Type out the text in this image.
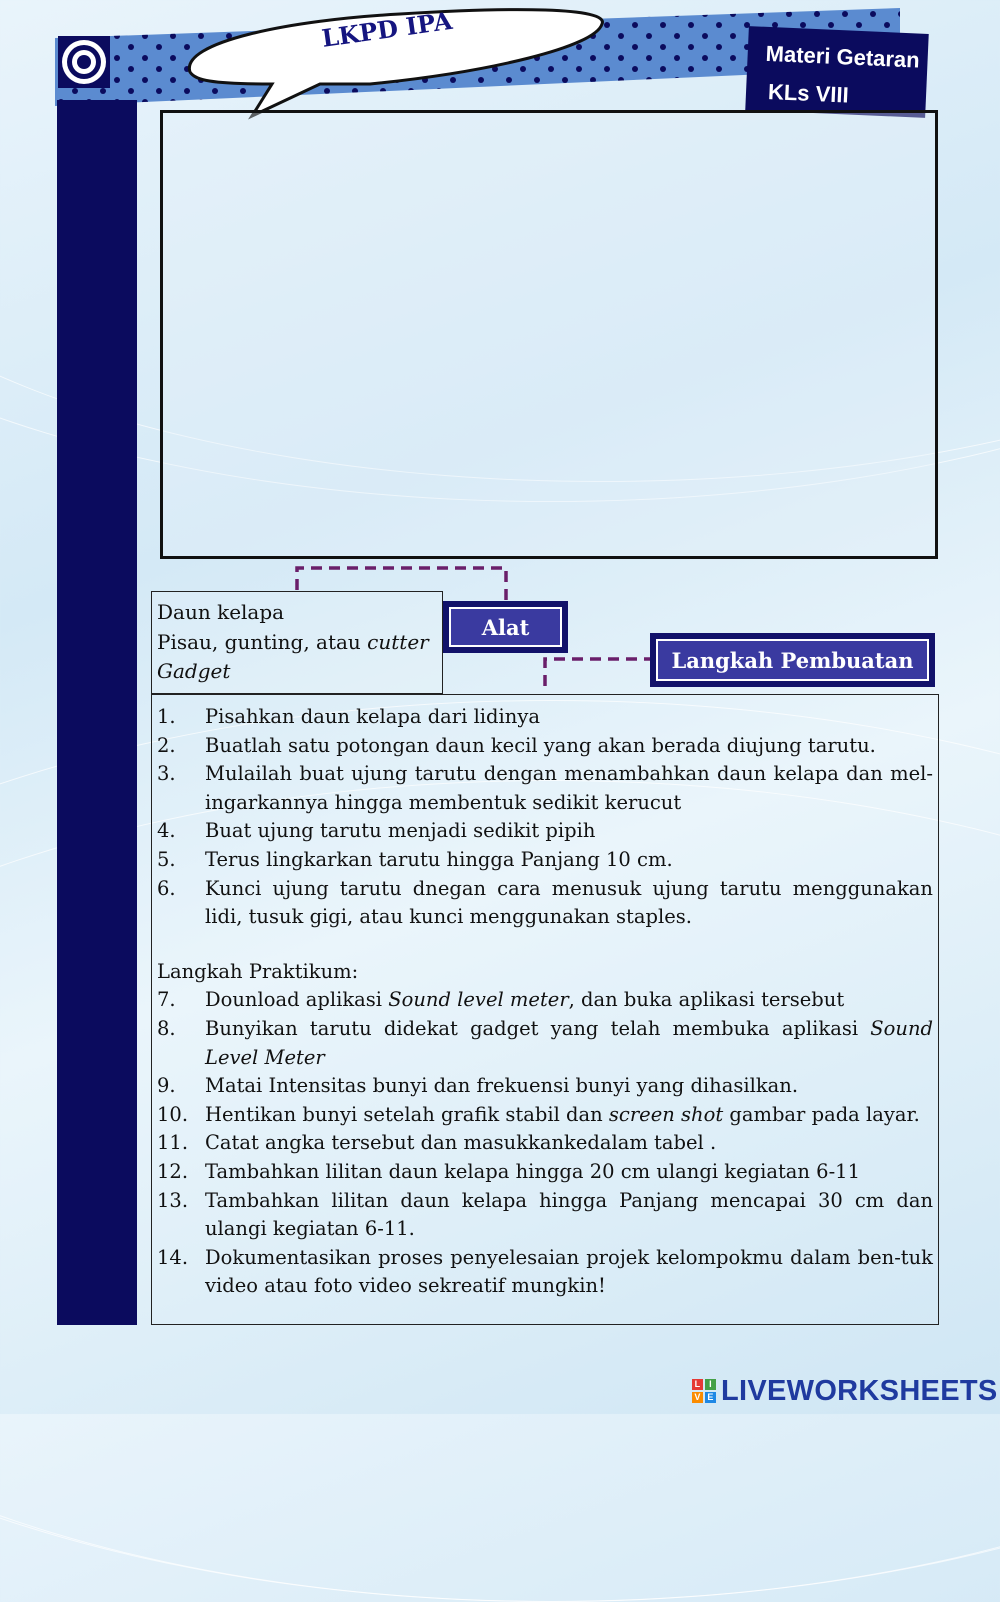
LKPD IPA
Materi Getaran
KLs VIII
Daun kelapa
Pisau, gunting, atau cutter
Gadget
Alat
Langkah Pembuatan
1.	Pisahkan daun kelapa dari lidinya
2.	Buatlah satu potongan daun kecil yang akan berada diujung tarutu.
3.	Mulailah buat ujung tarutu dengan menambahkan daun kelapa dan mel-ingarkannya hingga membentuk sedikit kerucut
4.	Buat ujung tarutu menjadi sedikit pipih
5.	Terus lingkarkan tarutu hingga Panjang 10 cm.
6.	Kunci ujung tarutu dnegan cara menusuk ujung tarutu menggunakan lidi, tusuk gigi, atau kunci menggunakan staples.
Langkah Praktikum:
7.	Dounload aplikasi Sound level meter, dan buka aplikasi tersebut
8.	Bunyikan tarutu didekat gadget yang telah membuka aplikasi Sound Level Meter
9.	Matai Intensitas bunyi dan frekuensi bunyi yang dihasilkan.
10. Hentikan bunyi setelah grafik stabil dan screen shot gambar pada layar.
11. Catat angka tersebut dan masukkankedalam tabel .
12. Tambahkan lilitan daun kelapa hingga 20 cm ulangi kegiatan 6-11
13. Tambahkan lilitan daun kelapa hingga Panjang mencapai 30 cm dan ulangi kegiatan 6-11.
14. Dokumentasikan proses penyelesaian projek kelompokmu dalam ben-tuk video atau foto video sekreatif mungkin!
L I
V E LIVEWORKSHEETS
